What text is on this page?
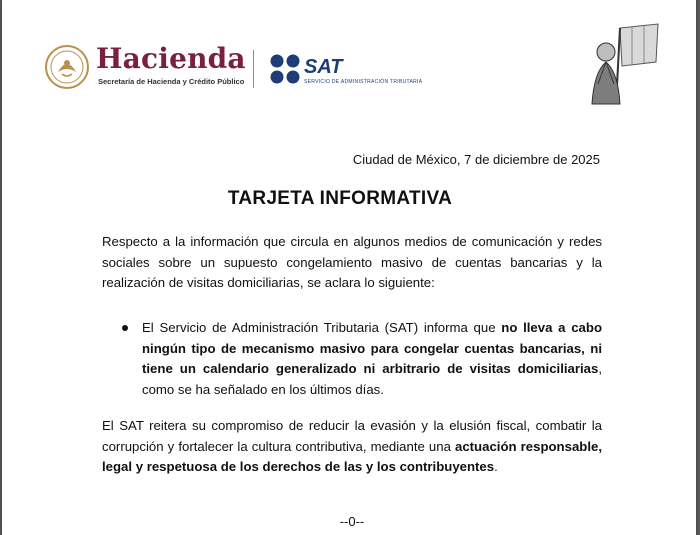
Hacienda
Secretaría de Hacienda y Crédito Público
SAT
SERVICIO DE ADMINISTRACIÓN TRIBUTARIA
Ciudad de México, 7 de diciembre de 2025
TARJETA INFORMATIVA
Respecto a la información que circula en algunos medios de comunicación y redes sociales sobre un supuesto congelamiento masivo de cuentas bancarias y la realización de visitas domiciliarias, se aclara lo siguiente:
El Servicio de Administración Tributaria (SAT) informa que no lleva a cabo ningún tipo de mecanismo masivo para congelar cuentas bancarias, ni tiene un calendario generalizado ni arbitrario de visitas domiciliarias, como se ha señalado en los últimos días.
El SAT reitera su compromiso de reducir la evasión y la elusión fiscal, combatir la corrupción y fortalecer la cultura contributiva, mediante una actuación responsable, legal y respetuosa de los derechos de las y los contribuyentes.
--0--
